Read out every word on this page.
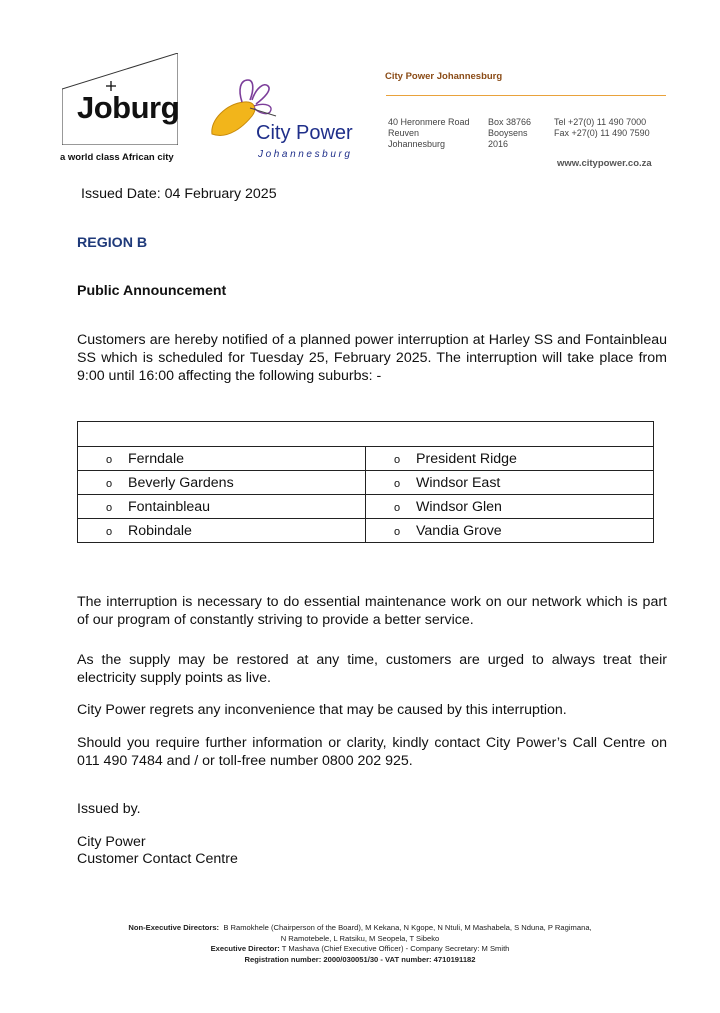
Joburg
a world class African city
City Power
Johannesburg
City Power Johannesburg
40 Heronmere Road
Reuven
Johannesburg
Box 38766
Booysens
2016
Tel +27(0) 11 490 7000
Fax +27(0) 11 490 7590
www.citypower.co.za
Issued Date: 04 February 2025
REGION B
Public Announcement
Customers are hereby notified of a planned power interruption at Harley SS and Fontainbleau SS which is scheduled for Tuesday 25, February 2025. The interruption will take place from 9:00 until 16:00 affecting the following suburbs: -

o Ferndale	o President Ridge
o Beverly Gardens	o Windsor East
o Fontainbleau	o Windsor Glen
o Robindale	o Vandia Grove
The interruption is necessary to do essential maintenance work on our network which is part of our program of constantly striving to provide a better service.
As the supply may be restored at any time, customers are urged to always treat their electricity supply points as live.
City Power regrets any inconvenience that may be caused by this interruption.
Should you require further information or clarity, kindly contact City Power’s Call Centre on 011 490 7484 and / or toll-free number 0800 202 925.
Issued by.
City Power
Customer Contact Centre
Non-Executive Directors: B Ramokhele (Chairperson of the Board), M Kekana, N Kgope, N Ntuli, M Mashabela, S Nduna, P Ragimana,
N Ramotebele, L Ratsiku, M Seopela, T Sibeko
Executive Director: T Mashava (Chief Executive Officer) - Company Secretary: M Smith
Registration number: 2000/030051/30 - VAT number: 4710191182
